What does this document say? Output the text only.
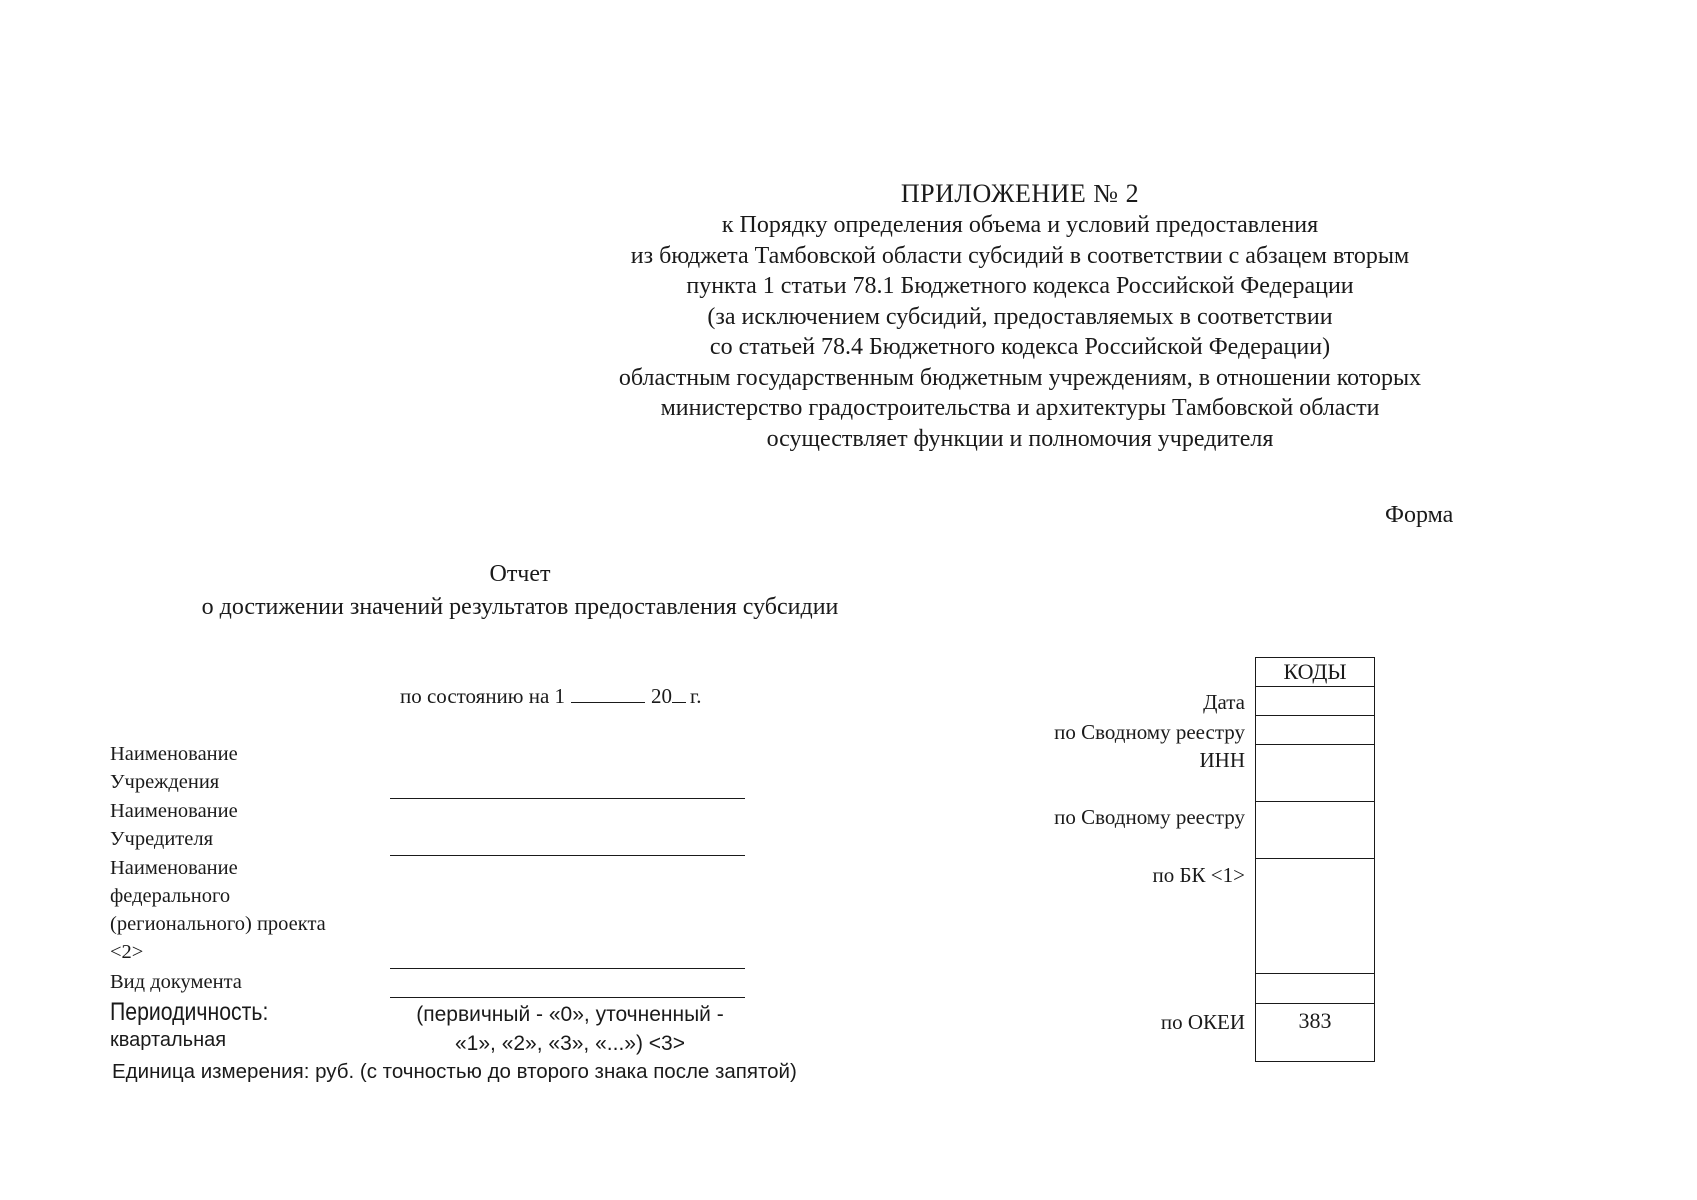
ПРИЛОЖЕНИЕ № 2
к Порядку определения объема и условий предоставления
из бюджета Тамбовской области субсидий в соответствии с абзацем вторым
пункта 1 статьи 78.1 Бюджетного кодекса Российской Федерации
(за исключением субсидий, предоставляемых в соответствии
со статьей 78.4 Бюджетного кодекса Российской Федерации)
областным государственным бюджетным учреждениям, в отношении которых
министерство градостроительства и архитектуры Тамбовской области
осуществляет функции и полномочия учредителя
Форма
Отчет
о достижении значений результатов предоставления субсидии
по состоянию на 1	20 г.
Наименование
Учреждения
Наименование
Учредителя
Наименование
федерального
(регионального) проекта
<2>
Вид документа
Периодичность:
квартальная
(первичный - «0», уточненный -
«1», «2», «3», «...») <3>
Единица измерения: руб. (с точностью до второго знака после запятой)
Дата
по Сводному реестру
ИНН
по Сводному реестру
по БК <1>
по ОКЕИ
КОДЫ
383
